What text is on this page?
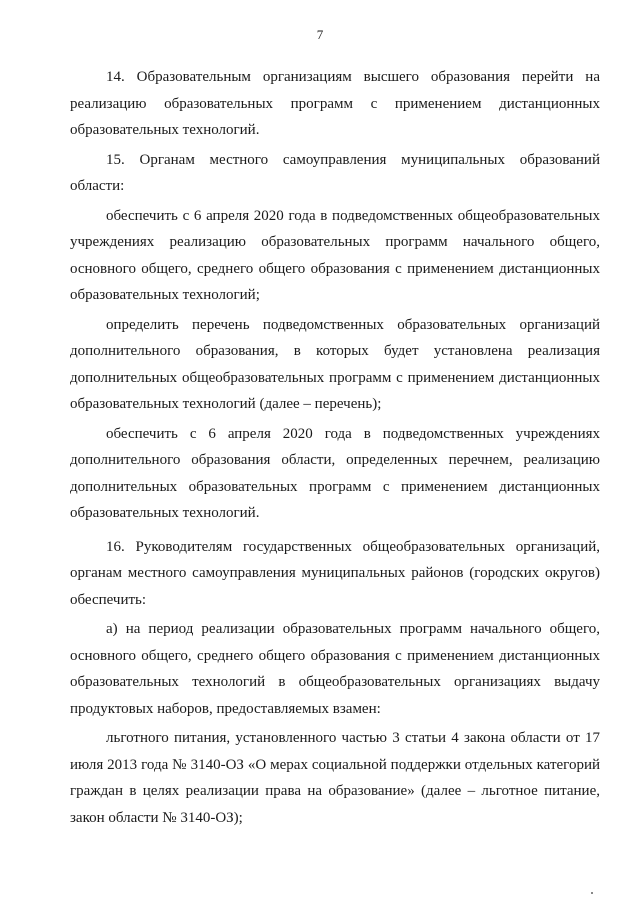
7

14. Образовательным организациям высшего образования перейти на реализацию образовательных программ с применением дистанционных образовательных технологий.

15. Органам местного самоуправления муниципальных образований области:

обеспечить с 6 апреля 2020 года в подведомственных общеобразовательных учреждениях реализацию образовательных программ начального общего, основного общего, среднего общего образования с применением дистанционных образовательных технологий;

определить перечень подведомственных образовательных организаций дополнительного образования, в которых будет установлена реализация дополнительных общеобразовательных программ с применением дистанционных образовательных технологий (далее – перечень);

обеспечить с 6 апреля 2020 года в подведомственных учреждениях дополнительного образования области, определенных перечнем, реализацию дополнительных образовательных программ с применением дистанционных образовательных технологий.

16. Руководителям государственных общеобразовательных организаций, органам местного самоуправления муниципальных районов (городских округов) обеспечить:

а) на период реализации образовательных программ начального общего, основного общего, среднего общего образования с применением дистанционных образовательных технологий в общеобразовательных организациях выдачу продуктовых наборов, предоставляемых взамен:

льготного питания, установленного частью 3 статьи 4 закона области от 17 июля 2013 года № 3140-ОЗ «О мерах социальной поддержки отдельных категорий граждан в целях реализации права на образование» (далее – льготное питание, закон области № 3140-ОЗ);
